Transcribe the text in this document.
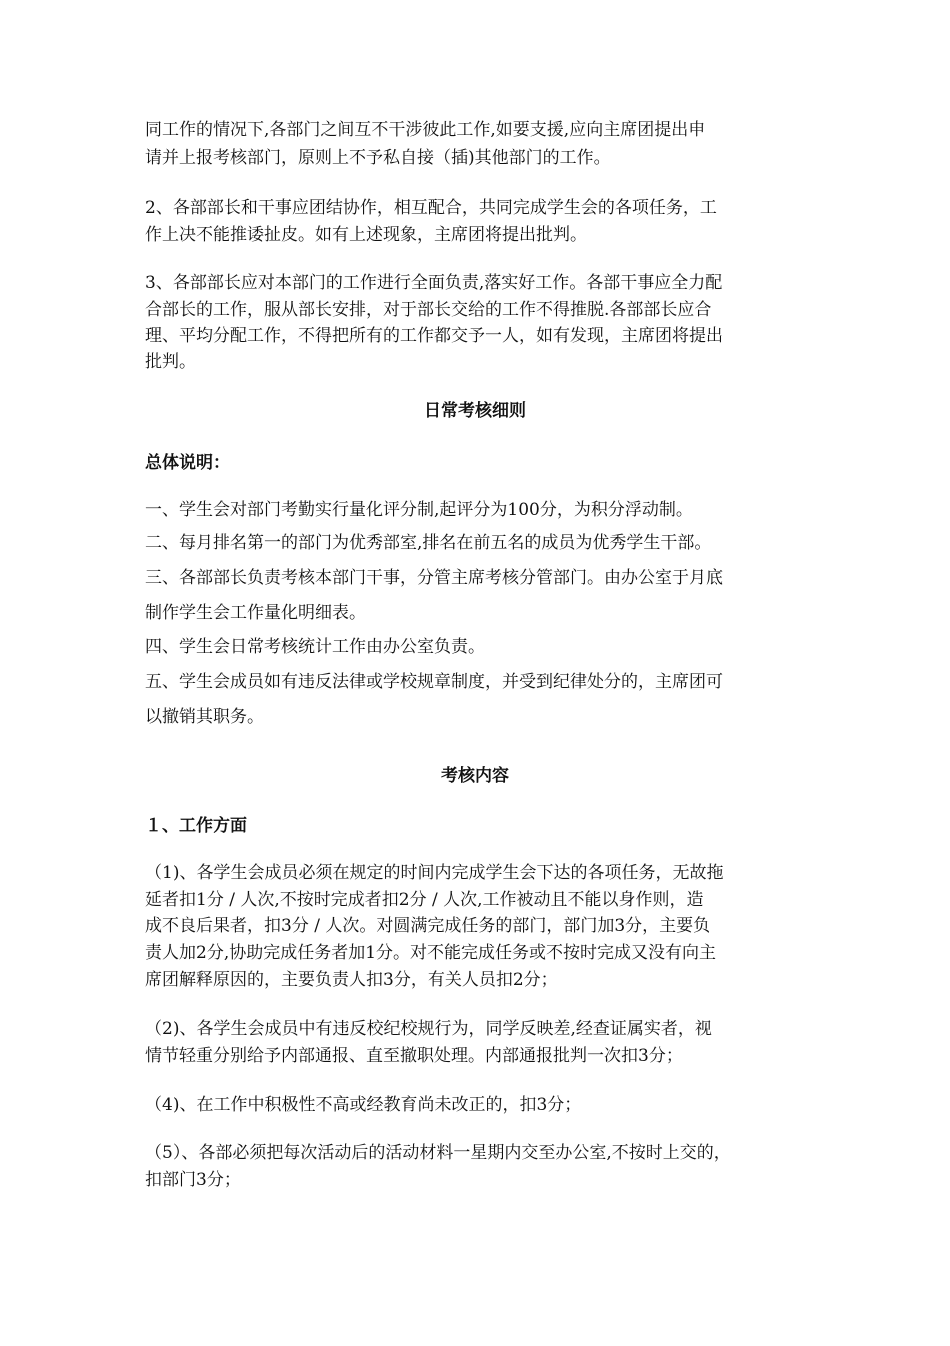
同工作的情况下,各部门之间互不干涉彼此工作,如要支援,应向主席团提出申

请并上报考核部门，原则上不予私自接（插)其他部门的工作。

2、各部部长和干事应团结协作，相互配合，共同完成学生会的各项任务，工

作上决不能推诿扯皮。如有上述现象，主席团将提出批判。

3、各部部长应对本部门的工作进行全面负责,落实好工作。各部干事应全力配

合部长的工作，服从部长安排，对于部长交给的工作不得推脱.各部部长应合

理、平均分配工作，不得把所有的工作都交予一人，如有发现，主席团将提出

批判。

日常考核细则
总体说明：

一、学生会对部门考勤实行量化评分制,起评分为100分，为积分浮动制。

二、每月排名第一的部门为优秀部室,排名在前五名的成员为优秀学生干部。

三、各部部长负责考核本部门干事，分管主席考核分管部门。由办公室于月底

制作学生会工作量化明细表。

四、学生会日常考核统计工作由办公室负责。

五、学生会成员如有违反法律或学校规章制度，并受到纪律处分的，主席团可

以撤销其职务。

考核内容
１、工作方面

（1)、各学生会成员必须在规定的时间内完成学生会下达的各项任务，无故拖

延者扣1分 / 人次,不按时完成者扣2分 / 人次,工作被动且不能以身作则，造

成不良后果者，扣3分 / 人次。对圆满完成任务的部门，部门加3分，主要负

责人加2分,协助完成任务者加1分。对不能完成任务或不按时完成又没有向主

席团解释原因的，主要负责人扣3分，有关人员扣2分；

（2)、各学生会成员中有违反校纪校规行为，同学反映差,经查证属实者，视

情节轻重分别给予内部通报、直至撤职处理。内部通报批判一次扣3分；

（4)、在工作中积极性不高或经教育尚未改正的，扣3分；

（5）、各部必须把每次活动后的活动材料一星期内交至办公室,不按时上交的，

扣部门3分；
